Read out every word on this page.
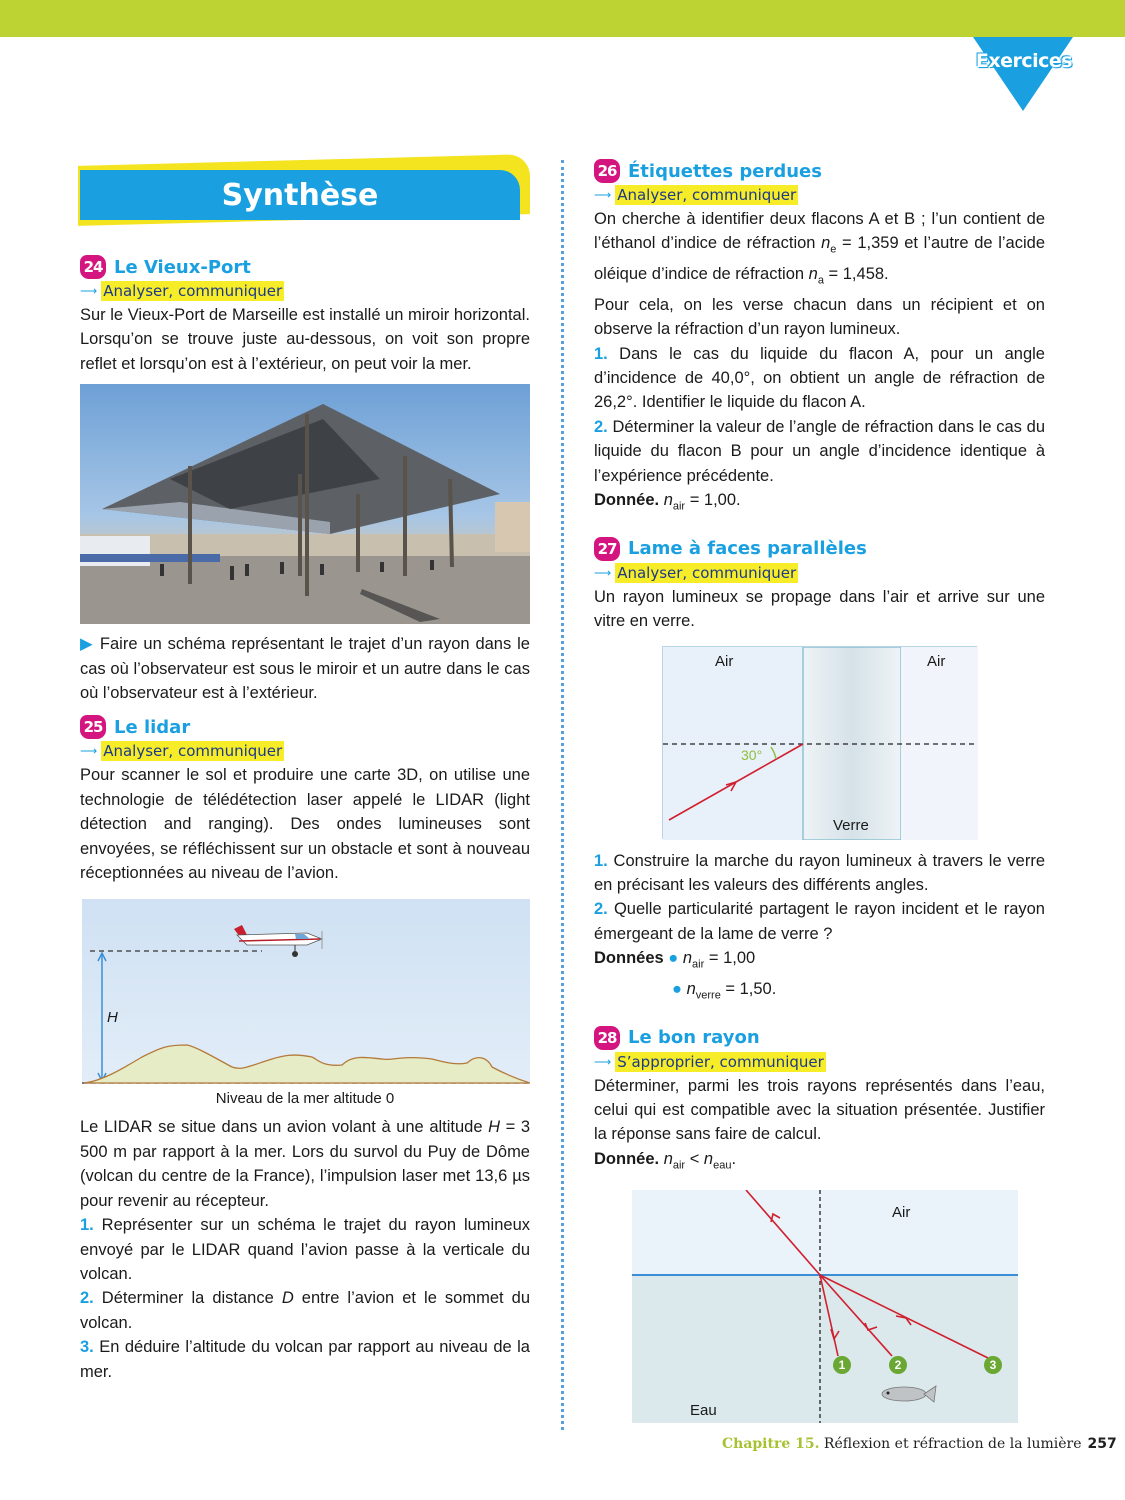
Exercices
Synthèse
24 Le Vieux-Port
⟶ Analyser, communiquer

Sur le Vieux-Port de Marseille est installé un miroir horizontal. Lorsqu’on se trouve juste au-dessous, on voit son propre reflet et lorsqu’on est à l’extérieur, on peut voir la mer.

▶ Faire un schéma représentant le trajet d’un rayon dans le cas où l’observateur est sous le miroir et un autre dans le cas où l’observateur est à l’extérieur.

25 Le lidar
⟶ Analyser, communiquer

Pour scanner le sol et produire une carte 3D, on utilise une technologie de télédétection laser appelé le LIDAR (light détection and ranging). Des ondes lumineuses sont envoyées, se réfléchissent sur un obstacle et sont à nouveau réceptionnées au niveau de l’avion.

H
Niveau de la mer altitude 0

Le LIDAR se situe dans un avion volant à une altitude H = 3 500 m par rapport à la mer. Lors du survol du Puy de Dôme (volcan du centre de la France), l’impulsion laser met 13,6 µs pour revenir au récepteur.

1. Représenter sur un schéma le trajet du rayon lumineux envoyé par le LIDAR quand l’avion passe à la verticale du volcan.

2. Déterminer la distance D entre l’avion et le sommet du volcan.

3. En déduire l’altitude du volcan par rapport au niveau de la mer.

26 Étiquettes perdues
⟶ Analyser, communiquer

On cherche à identifier deux flacons A et B ; l’un contient de l’éthanol d’indice de réfraction $n_e = 1,359$ et l’autre de l’acide oléique d’indice de réfraction $n_a = 1,458$.

Pour cela, on les verse chacun dans un récipient et on observe la réfraction d’un rayon lumineux.

1. Dans le cas du liquide du flacon A, pour un angle d’incidence de 40,0°, on obtient un angle de réfraction de 26,2°. Identifier le liquide du flacon A.

2. Déterminer la valeur de l’angle de réfraction dans le cas du liquide du flacon B pour un angle d’incidence identique à l’expérience précédente.

Donnée. $n_{air} = 1,00$.

27 Lame à faces parallèles
⟶ Analyser, communiquer

Un rayon lumineux se propage dans l’air et arrive sur une vitre en verre.

Air	Air
Verre
30°

1. Construire la marche du rayon lumineux à travers le verre en précisant les valeurs des différents angles.

2. Quelle particularité partagent le rayon incident et le rayon émergeant de la lame de verre ?

Données ● $n_{air} = 1,00$

● $n_{verre} = 1,50$.

28 Le bon rayon
⟶ S’approprier, communiquer

Déterminer, parmi les trois rayons représentés dans l’eau, celui qui est compatible avec la situation présentée. Justifier la réponse sans faire de calcul.

Donnée. $n_{air} < n_{eau}$.

Air
Eau
1	2	3
Chapitre 15. Réflexion et réfraction de la lumière 257
